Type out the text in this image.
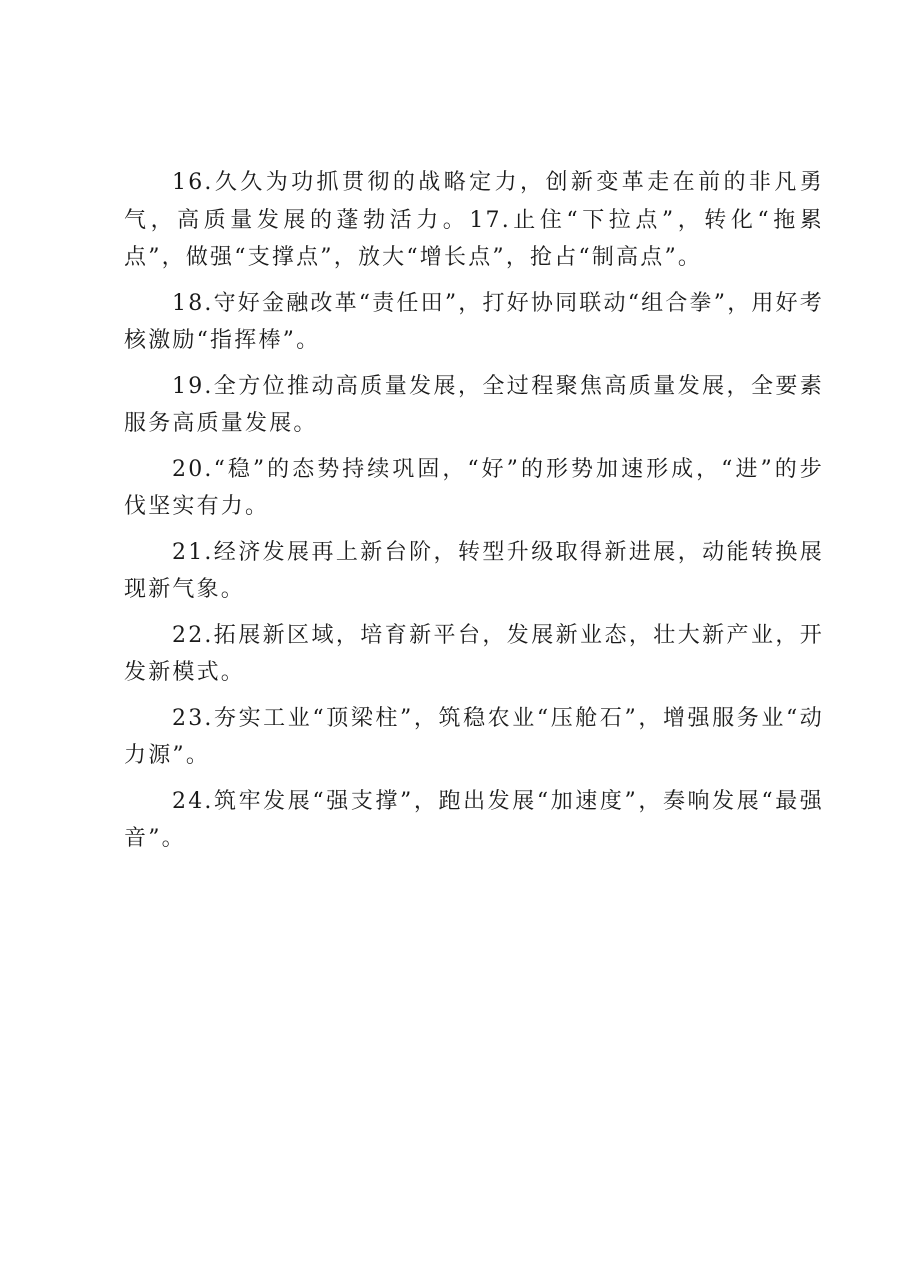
16.久久为功抓贯彻的战略定力，创新变革走在前的非凡勇气，高质量发展的蓬勃活力。17.止住“下拉点”，转化“拖累点”，做强“支撑点”，放大“增长点”，抢占“制高点”。

18.守好金融改革“责任田”，打好协同联动“组合拳”，用好考核激励“指挥棒”。

19.全方位推动高质量发展，全过程聚焦高质量发展，全要素服务高质量发展。

20.“稳”的态势持续巩固，“好”的形势加速形成，“进”的步伐坚实有力。

21.经济发展再上新台阶，转型升级取得新进展，动能转换展现新气象。

22.拓展新区域，培育新平台，发展新业态，壮大新产业，开发新模式。

23.夯实工业“顶梁柱”，筑稳农业“压舱石”，增强服务业“动力源”。

24.筑牢发展“强支撑”，跑出发展“加速度”，奏响发展“最强音”。
